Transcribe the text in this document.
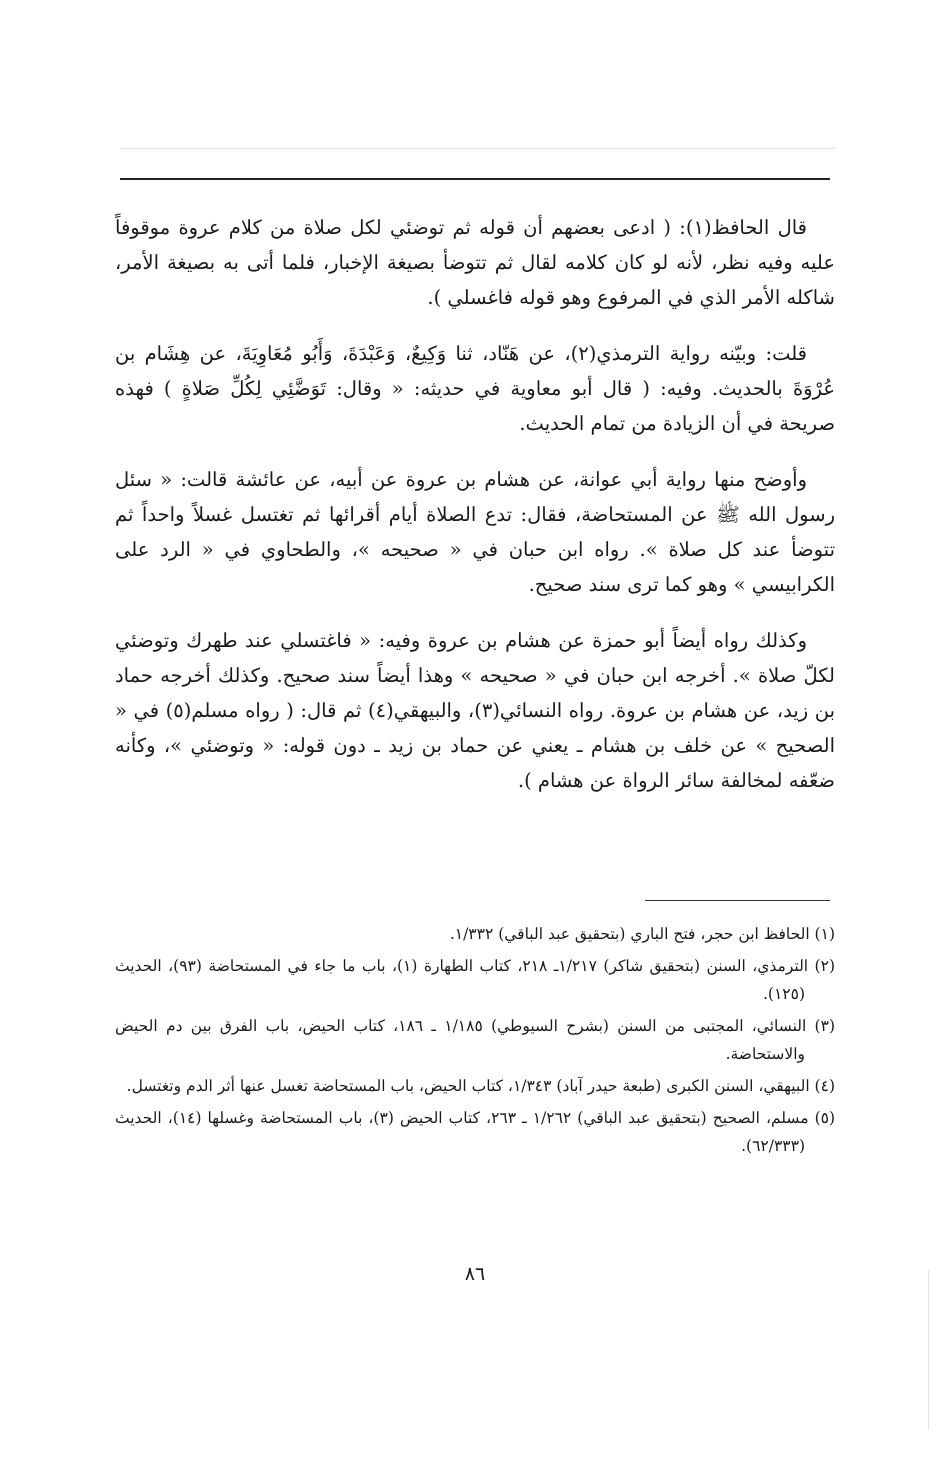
قال الحافظ(١): ( ادعى بعضهم أن قوله ثم توضئي لكل صلاة من كلام عروة موقوفاً عليه وفيه نظر، لأنه لو كان كلامه لقال ثم تتوضأ بصيغة الإخبار، فلما أتى به بصيغة الأمر، شاكله الأمر الذي في المرفوع وهو قوله فاغسلي ).

قلت: وبيّنه رواية الترمذي(٢)، عن هَنّاد، ثنا وَكِيعٌ، وَعَبْدَةَ، وَأَبُو مُعَاوِيَةَ، عن هِشَام بن عُرْوَةَ بالحديث. وفيه: ( قال أبو معاوية في حديثه: « وقال: تَوَضَّئِي لِكُلِّ صَلاةٍ ) فهذه صريحة في أن الزيادة من تمام الحديث.

وأوضح منها رواية أبي عوانة، عن هشام بن عروة عن أبيه، عن عائشة قالت: « سئل رسول الله ﷺ عن المستحاضة، فقال: تدع الصلاة أيام أقرائها ثم تغتسل غسلاً واحداً ثم تتوضأ عند كل صلاة ». رواه ابن حبان في « صحيحه »، والطحاوي في « الرد على الكرابيسي » وهو كما ترى سند صحيح.

وكذلك رواه أيضاً أبو حمزة عن هشام بن عروة وفيه: « فاغتسلي عند طهرك وتوضئي لكلّ صلاة ». أخرجه ابن حبان في « صحيحه » وهذا أيضاً سند صحيح. وكذلك أخرجه حماد بن زيد، عن هشام بن عروة. رواه النسائي(٣)، والبيهقي(٤) ثم قال: ( رواه مسلم(٥) في « الصحيح » عن خلف بن هشام ـ يعني عن حماد بن زيد ـ دون قوله: « وتوضئي »، وكأنه ضعّفه لمخالفة سائر الرواة عن هشام ).

(١) الحافظ ابن حجر، فتح الباري (بتحقيق عبد الباقي) ١/٣٣٢.
(٢) الترمذي، السنن (بتحقيق شاكر) ١/٢١٧ـ ٢١٨، كتاب الطهارة (١)، باب ما جاء في المستحاضة (٩٣)، الحديث (١٢٥).
(٣) النسائي، المجتبى من السنن (بشرح السيوطي) ١/١٨٥ ـ ١٨٦، كتاب الحيض، باب الفرق بين دم الحيض والاستحاضة.
(٤) البيهقي، السنن الكبرى (طبعة حيدر آباد) ١/٣٤٣، كتاب الحيض، باب المستحاضة تغسل عنها أثر الدم وتغتسل.
(٥) مسلم، الصحيح (بتحقيق عبد الباقي) ١/٢٦٢ ـ ٢٦٣، كتاب الحيض (٣)، باب المستحاضة وغسلها (١٤)، الحديث (٦٢/٣٣٣).
٨٦
